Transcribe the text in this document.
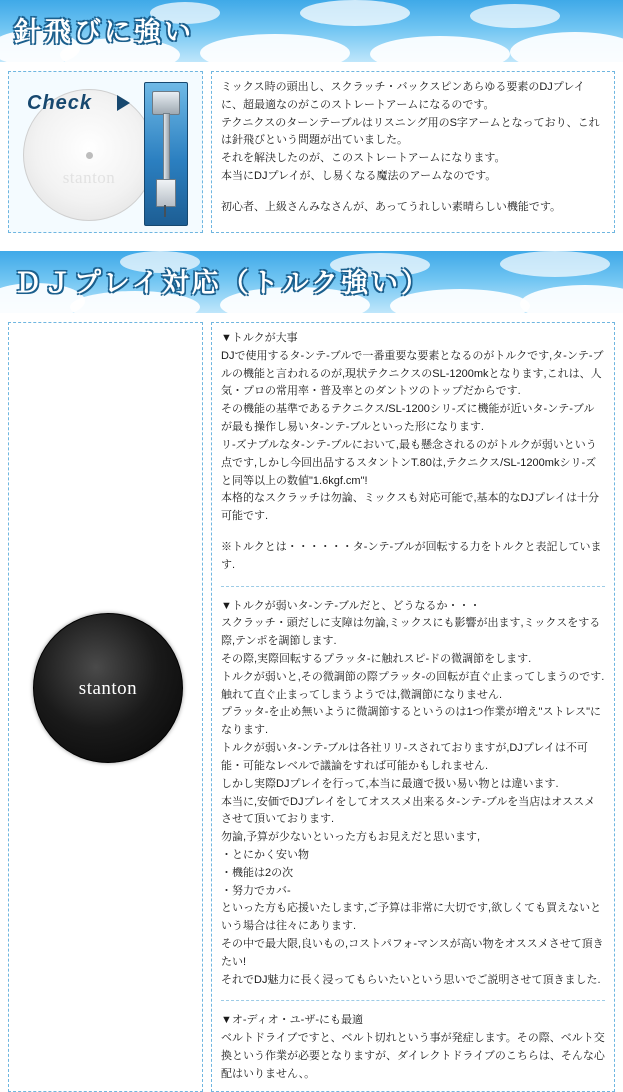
針飛びに強い
stanton
Check

ミックス時の頭出し、スクラッチ・バックスピンあらゆる要素のDJプレイに、超最適なのがこのストレートアームになるのです。

テクニクスのターンテーブルはリスニング用のS字アームとなっており、これは針飛びという問題が出ていました。

それを解決したのが、このストレートアームになります。

本当にDJプレイが、し易くなる魔法のアームなのです。

初心者、上級さんみなさんが、あってうれしい素晴らしい機能です。

ＤＪプレイ対応（トルク強い）
stanton

▼トルクが大事

DJで使用するタ-ンテ-ブルで一番重要な要素となるのがトルクです,タ-ンテ-ブルの機能と言われるのが,現状テクニクスのSL-1200mkとなります,これは、人気・プロの常用率・普及率とのダントツのトップだからです.

その機能の基準であるテクニクス/SL-1200シリ-ズに機能が近いタ-ンテ-ブルが最も操作し易いタ-ンテ-ブルといった形になります.

リ-ズナブルなタ-ンテ-ブルにおいて,最も懸念されるのがトルクが弱いという点です,しかし今回出品するスタントンT.80は,テクニクス/SL-1200mkシリ-ズと同等以上の数値"1.6kgf.cm"!

本格的なスクラッチは勿論、ミックスも対応可能で,基本的なDJプレイは十分可能です.

※トルクとは・・・・・・タ-ンテ-ブルが回転する力をトルクと表記しています.

▼トルクが弱いタ-ンテ-ブルだと、どうなるか・・・

スクラッチ・頭だしに支障は勿論,ミックスにも影響が出ます,ミックスをする際,テンポを調節します.

その際,実際回転するプラッタ-に触れスピ-ドの微調節をします.

トルクが弱いと,その微調節の際プラッタ-の回転が直ぐ止まってしまうのです.触れて直ぐ止まってしまうようでは,微調節になりません.

プラッタ-を止め無いように微調節するというのは1つ作業が増え"ストレス"になります.

トルクが弱いタ-ンテ-ブルは各社リリ-スされておりますが,DJプレイは不可能・可能なレベルで議論をすれば可能かもしれません.

しかし実際DJプレイを行って,本当に最適で扱い易い物とは違います.

本当に,安価でDJプレイをしてオススメ出来るタ-ンテ-ブルを当店はオススメさせて頂いております.

勿論,予算が少ないといった方もお見えだと思います,

・とにかく安い物

・機能は2の次

・努力でカバ-

といった方も応援いたします,ご予算は非常に大切です,欲しくても買えないという場合は往々にあります.

その中で最大限,良いもの,コストパフォ-マンスが高い物をオススメさせて頂きたい!

それでDJ魅力に長く浸ってもらいたいという思いでご説明させて頂きました.

▼オ-ディオ・ユ-ザ-にも最適

ベルトドライブですと、ベルト切れという事が発症します。その際、ベルト交換という作業が必要となりますが、ダイレクトドライブのこちらは、そんな心配はいりません、。
